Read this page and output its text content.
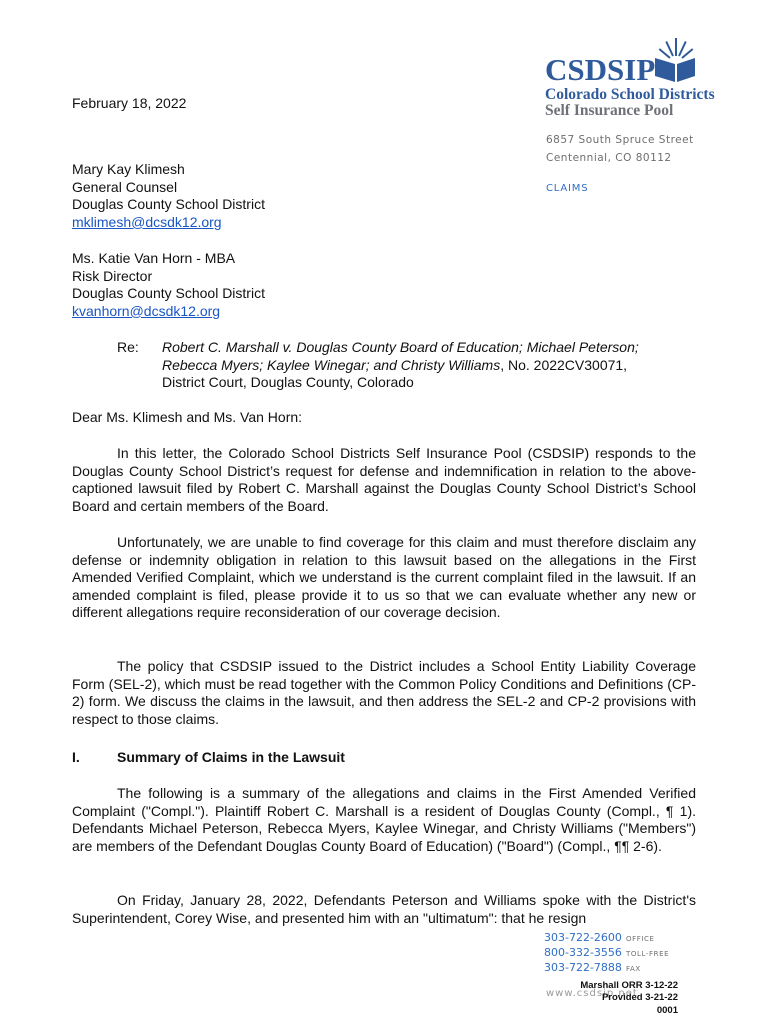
CSDSIP
Colorado School Districts
Self Insurance Pool
6857 South Spruce Street
Centennial, CO 80112
CLAIMS
February 18, 2022
Mary Kay Klimesh
General Counsel
Douglas County School District
mklimesh@dcsdk12.org
Ms. Katie Van Horn - MBA
Risk Director
Douglas County School District
kvanhorn@dcsdk12.org
Re: Robert C. Marshall v. Douglas County Board of Education; Michael Peterson; Rebecca Myers; Kaylee Winegar; and Christy Williams, No. 2022CV30071, District Court, Douglas County, Colorado
Dear Ms. Klimesh and Ms. Van Horn:

In this letter, the Colorado School Districts Self Insurance Pool (CSDSIP) responds to the Douglas County School District’s request for defense and indemnification in relation to the above-captioned lawsuit filed by Robert C. Marshall against the Douglas County School District’s School Board and certain members of the Board.

Unfortunately, we are unable to find coverage for this claim and must therefore disclaim any defense or indemnity obligation in relation to this lawsuit based on the allegations in the First Amended Verified Complaint, which we understand is the current complaint filed in the lawsuit. If an amended complaint is filed, please provide it to us so that we can evaluate whether any new or different allegations require reconsideration of our coverage decision.

The policy that CSDSIP issued to the District includes a School Entity Liability Coverage Form (SEL-2), which must be read together with the Common Policy Conditions and Definitions (CP-2) form. We discuss the claims in the lawsuit, and then address the SEL-2 and CP-2 provisions with respect to those claims.

I.	Summary of Claims in the Lawsuit

The following is a summary of the allegations and claims in the First Amended Verified Complaint ("Compl."). Plaintiff Robert C. Marshall is a resident of Douglas County (Compl., ¶ 1). Defendants Michael Peterson, Rebecca Myers, Kaylee Winegar, and Christy Williams ("Members") are members of the Defendant Douglas County Board of Education) ("Board") (Compl., ¶¶ 2-6).

On Friday, January 28, 2022, Defendants Peterson and Williams spoke with the District's Superintendent, Corey Wise, and presented him with an "ultimatum": that he resign

303-722-2600 OFFICE
800-332-3556 TOLL-FREE
303-722-7888 FAX
www.csdsip.net
Marshall ORR 3-12-22
Provided 3-21-22
0001
